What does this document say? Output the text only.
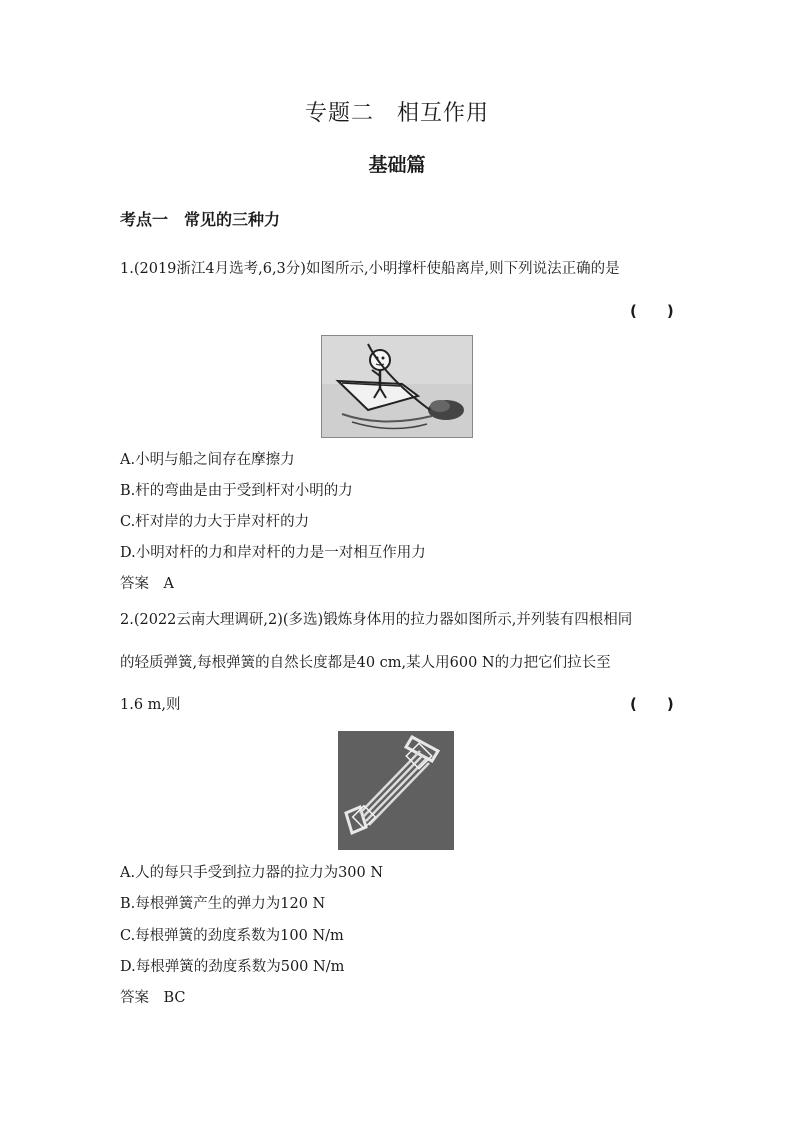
专题二　相互作用
基础篇
考点一　常见的三种力
1.(2019浙江4月选考,6,3分)如图所示,小明撑杆使船离岸,则下列说法正确的是
(　　)
A.小明与船之间存在摩擦力
B.杆的弯曲是由于受到杆对小明的力
C.杆对岸的力大于岸对杆的力
D.小明对杆的力和岸对杆的力是一对相互作用力
答案　A
2.(2022云南大理调研,2)(多选)锻炼身体用的拉力器如图所示,并列装有四根相同
的轻质弹簧,每根弹簧的自然长度都是40 cm,某人用600 N的力把它们拉长至
1.6 m,则	(　　)
A.人的每只手受到拉力器的拉力为300 N
B.每根弹簧产生的弹力为120 N
C.每根弹簧的劲度系数为100 N/m
D.每根弹簧的劲度系数为500 N/m
答案　BC
